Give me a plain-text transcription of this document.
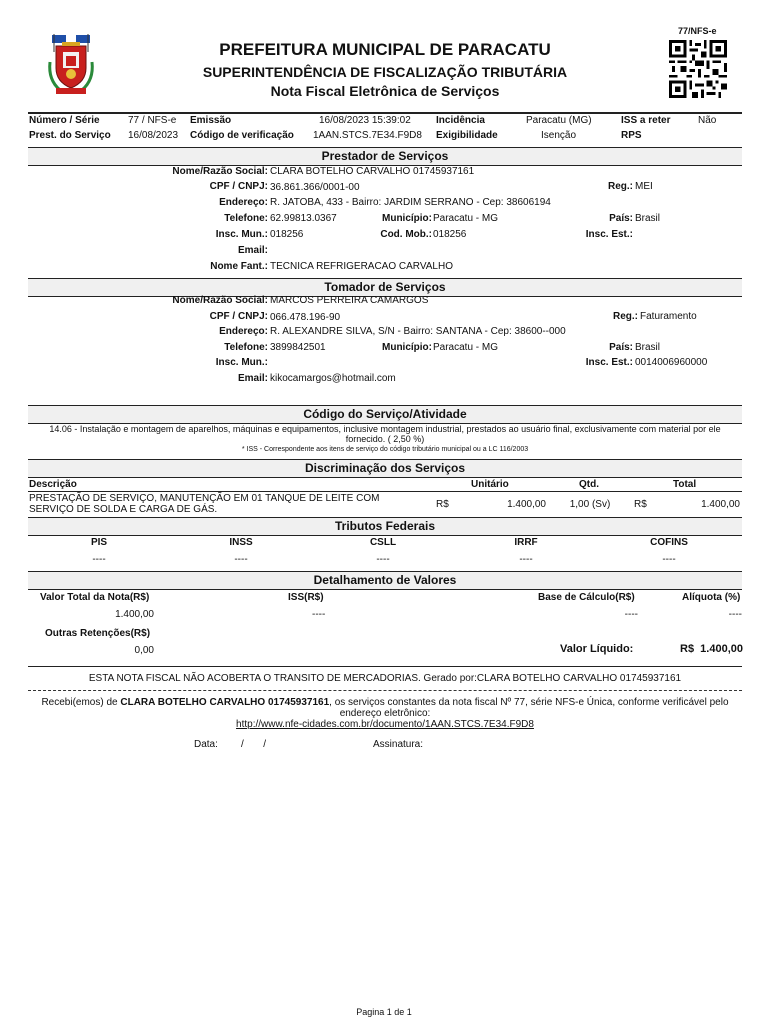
PREFEITURA MUNICIPAL DE PARACATU
SUPERINTENDÊNCIA DE FISCALIZAÇÃO TRIBUTÁRIA
Nota Fiscal Eletrônica de Serviços
77/NFS-e
Número / Série	77 / NFS-e Emissão	16/08/2023 15:39:02	Incidência	Paracatu (MG)	ISS a reter	Não
Prest. do Serviço 16/08/2023 Código de verificação 1AAN.STCS.7E34.F9D8 Exigibilidade	Isenção	RPS
Prestador de Serviços
Nome/Razão Social: CLARA BOTELHO CARVALHO 01745937161
CPF / CNPJ: 36.861.366/0001-00	Reg.: MEI
Endereço: R. JATOBA, 433 - Bairro: JARDIM SERRANO - Cep: 38606194
Telefone: 62.99813.0367	Município: Paracatu - MG	País: Brasil
Insc. Mun.: 018256	Cod. Mob.: 018256	Insc. Est.:
Email:
Nome Fant.: TECNICA REFRIGERACAO CARVALHO
Tomador de Serviços
Nome/Razão Social: MARCOS PERREIRA CAMARGOS
CPF / CNPJ: 066.478.196-90	Reg.: Faturamento
Endereço: R. ALEXANDRE SILVA, S/N - Bairro: SANTANA - Cep: 38600--000
Telefone: 3899842501	Município: Paracatu - MG	País: Brasil
Insc. Mun.:	Insc. Est.: 0014006960000
Email: kikocamargos@hotmail.com
Código do Serviço/Atividade
14.06 - Instalação e montagem de aparelhos, máquinas e equipamentos, inclusive montagem industrial, prestados ao usuário final, exclusivamente com material por ele
fornecido. ( 2,50 %)
* ISS - Correspondente aos itens de serviço do código tributário municipal ou a LC 116/2003
Discriminação dos Serviços
Descrição	Unitário	Qtd.	Total
PRESTAÇÃO DE SERVIÇO, MANUTENÇÃO EM 01 TANQUE DE LEITE COM
SERVIÇO DE SOLDA E CARGA DE GÁS.	R$	1.400,00	1,00 (Sv)	R$	1.400,00
Tributos Federais
PIS	INSS	CSLL	IRRF	COFINS
----	----	----	----	----
Detalhamento de Valores
Valor Total da Nota(R$)	ISS(R$)	Base de Cálculo(R$)	Alíquota (%)
1.400,00	----	----	----
Outras Retenções(R$)
0,00	Valor Líquido:	R$  1.400,00
ESTA NOTA FISCAL NÃO ACOBERTA O TRANSITO DE MERCADORIAS. Gerado por:CLARA BOTELHO CARVALHO 01745937161
Recebi(emos) de CLARA BOTELHO CARVALHO 01745937161, os serviços constantes da nota fiscal Nº 77, série NFS-e Única, conforme verificável pelo
endereço eletrônico:
http://www.nfe-cidades.com.br/documento/1AAN.STCS.7E34.F9D8
Data: /       /	Assinatura:
Pagina 1 de 1
